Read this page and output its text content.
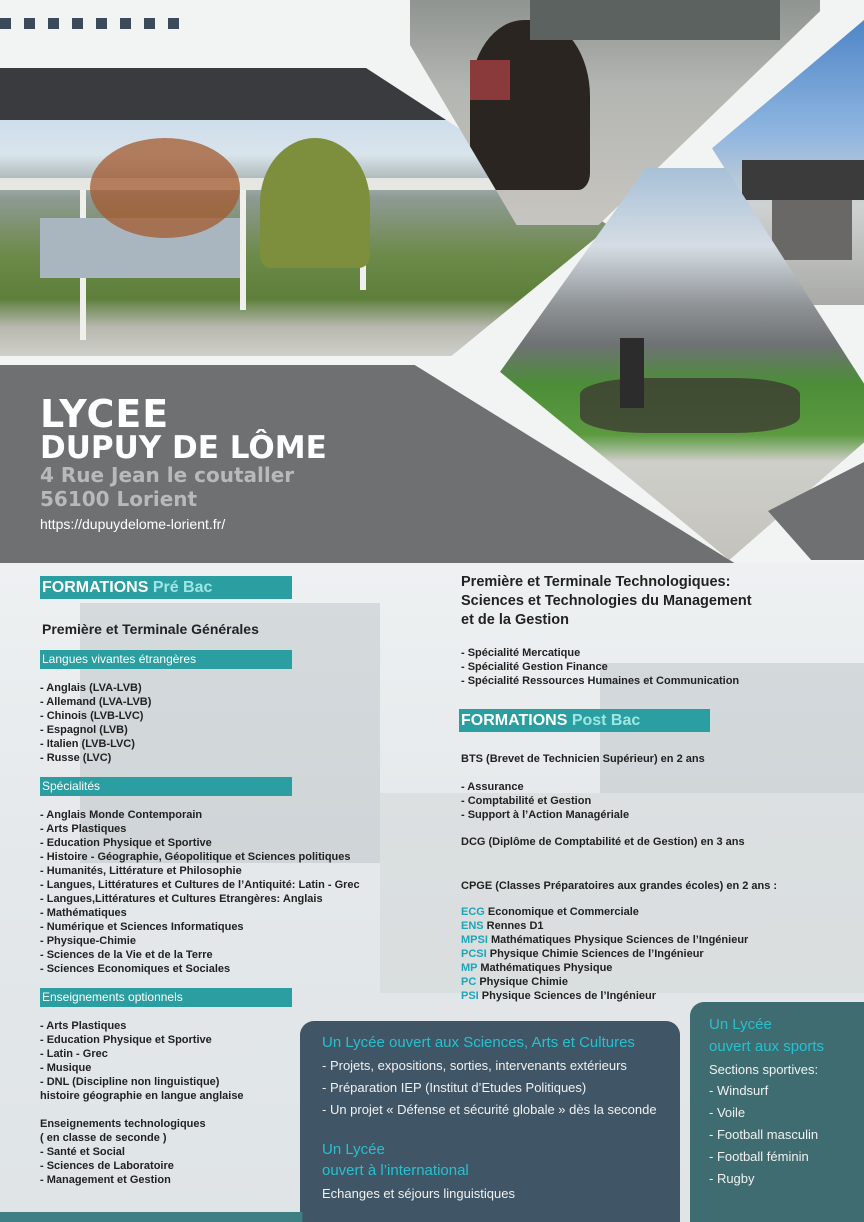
LYCEE
DUPUY DE LÔME
4 Rue Jean le coutaller
56100 Lorient
https://dupuydelome-lorient.fr/
FORMATIONS Pré Bac
Première et Terminale Générales
Langues vivantes étrangères
- Anglais (LVA-LVB)
- Allemand (LVA-LVB)
- Chinois (LVB-LVC)
- Espagnol (LVB)
- Italien (LVB-LVC)
- Russe (LVC)
Spécialités
- Anglais Monde Contemporain
- Arts Plastiques
- Education Physique et Sportive
- Histoire - Géographie, Géopolitique et Sciences politiques
- Humanités, Littérature et Philosophie
- Langues, Littératures et Cultures de l’Antiquité: Latin - Grec
- Langues,Littératures et Cultures Etrangères: Anglais
- Mathématiques
- Numérique et Sciences Informatiques
- Physique-Chimie
- Sciences de la Vie et de la Terre
- Sciences Economiques et Sociales
Enseignements optionnels
- Arts Plastiques
- Education Physique et Sportive
- Latin - Grec
- Musique
- DNL (Discipline non linguistique)
histoire géographie en langue anglaise
Enseignements technologiques
( en classe de seconde )
- Santé et Social
- Sciences de Laboratoire
- Management et Gestion
Première et Terminale Technologiques:
Sciences et Technologies du Management
et de la Gestion
- Spécialité Mercatique
- Spécialité Gestion Finance
- Spécialité Ressources Humaines et Communication
FORMATIONS Post Bac
BTS (Brevet de Technicien Supérieur) en 2 ans
- Assurance
- Comptabilité et Gestion
- Support à l’Action Managériale
DCG (Diplôme de Comptabilité et de Gestion) en 3 ans
CPGE (Classes Préparatoires aux grandes écoles) en 2 ans :
ECG Economique et Commerciale
ENS Rennes D1
MPSI Mathématiques Physique Sciences de l’Ingénieur
PCSI Physique Chimie Sciences de l’Ingénieur
MP Mathématiques Physique
PC Physique Chimie
PSI Physique Sciences de l’Ingénieur
Un Lycée ouvert aux Sciences, Arts et Cultures
- Projets, expositions, sorties, intervenants extérieurs
- Préparation IEP (Institut d’Etudes Politiques)
- Un projet « Défense et sécurité globale » dès la seconde
Un Lycée
ouvert à l’international
Echanges et séjours linguistiques
Un Lycée
ouvert aux sports
Sections sportives:
- Windsurf
- Voile
- Football masculin
- Football féminin
- Rugby
